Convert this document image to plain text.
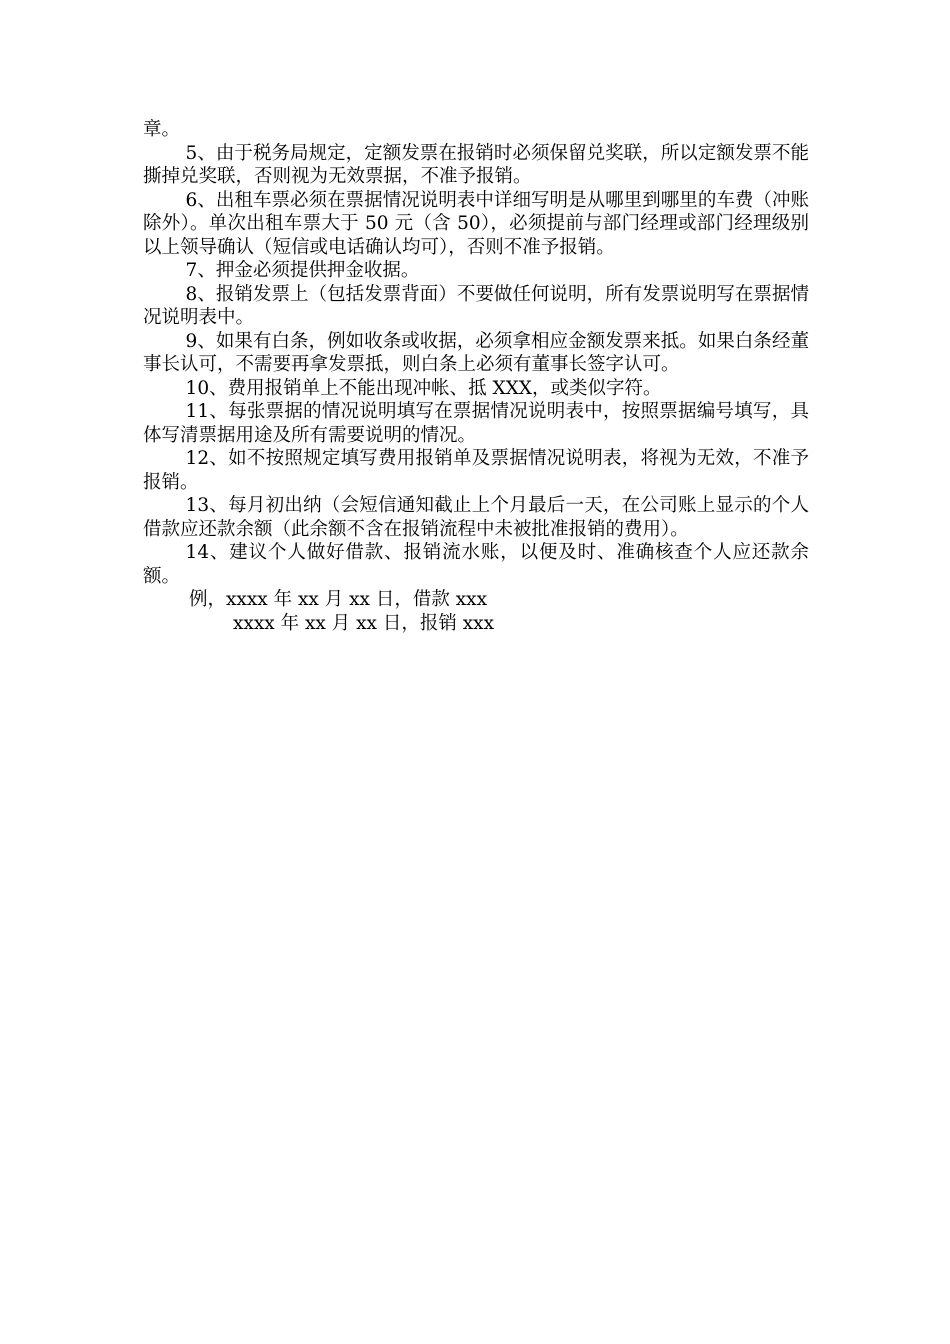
章。

5、由于税务局规定，定额发票在报销时必须保留兑奖联，所以定额发票不能撕掉兑奖联，否则视为无效票据，不准予报销。

6、出租车票必须在票据情况说明表中详细写明是从哪里到哪里的车费（冲账除外）。单次出租车票大于 50 元（含 50），必须提前与部门经理或部门经理级别以上领导确认（短信或电话确认均可），否则不准予报销。

7、押金必须提供押金收据。

8、报销发票上（包括发票背面）不要做任何说明，所有发票说明写在票据情况说明表中。

9、如果有白条，例如收条或收据，必须拿相应金额发票来抵。如果白条经董事长认可，不需要再拿发票抵，则白条上必须有董事长签字认可。

10、费用报销单上不能出现冲帐、抵 XXX，或类似字符。

11、每张票据的情况说明填写在票据情况说明表中，按照票据编号填写，具体写清票据用途及所有需要说明的情况。

12、如不按照规定填写费用报销单及票据情况说明表，将视为无效，不准予报销。

13、每月初出纳（会短信通知截止上个月最后一天，在公司账上显示的个人借款应还款余额（此余额不含在报销流程中未被批准报销的费用）。

14、建议个人做好借款、报销流水账，以便及时、准确核查个人应还款余额。

例，xxxx 年 xx 月 xx 日，借款 xxx

xxxx 年 xx 月 xx 日，报销 xxx
